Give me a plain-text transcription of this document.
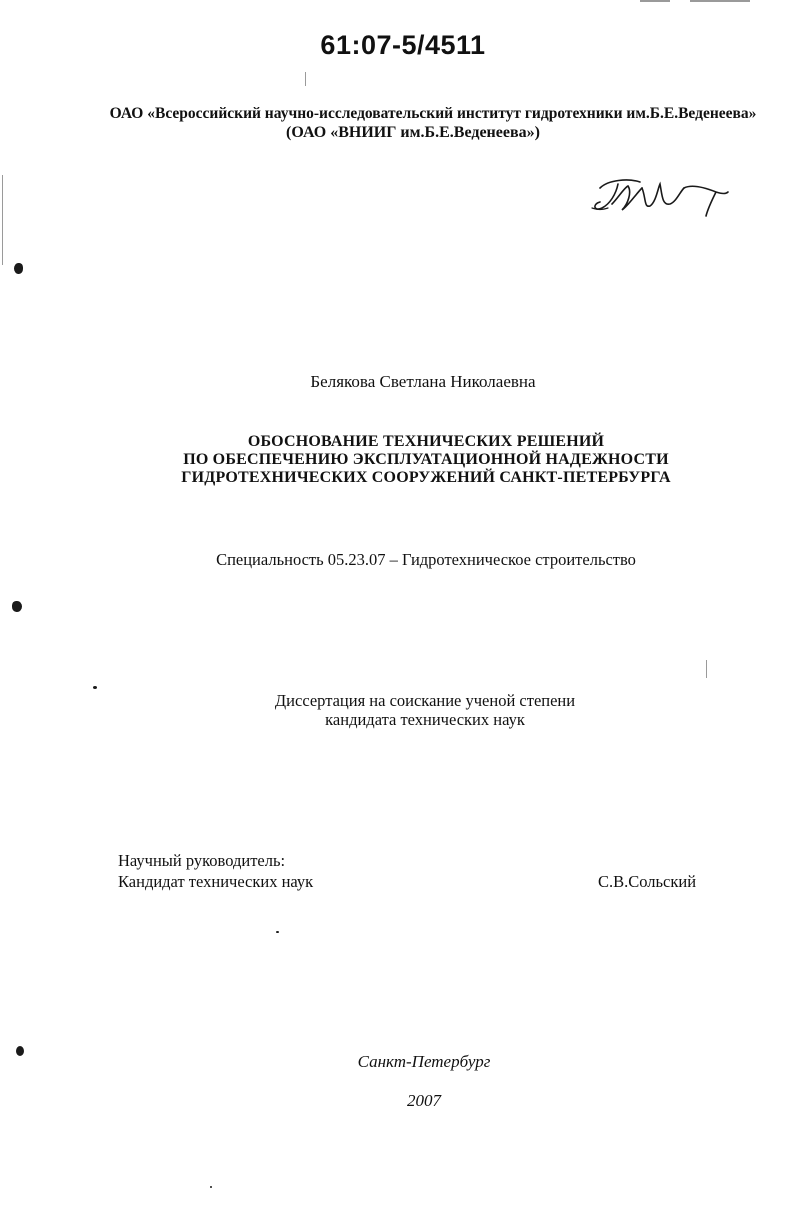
61:07-5/4511
ОАО «Всероссийский научно-исследовательский институт гидротехники им.Б.Е.Веденеева»
(ОАО «ВНИИГ им.Б.Е.Веденеева»)
Белякова Светлана Николаевна
ОБОСНОВАНИЕ ТЕХНИЧЕСКИХ РЕШЕНИЙ
ПО ОБЕСПЕЧЕНИЮ ЭКСПЛУАТАЦИОННОЙ НАДЕЖНОСТИ
ГИДРОТЕХНИЧЕСКИХ СООРУЖЕНИЙ САНКТ-ПЕТЕРБУРГА
Специальность 05.23.07 – Гидротехническое строительство
Диссертация на соискание ученой степени
кандидата технических наук
Научный руководитель:
Кандидат технических наук	С.В.Сольский
Санкт-Петербург
2007
